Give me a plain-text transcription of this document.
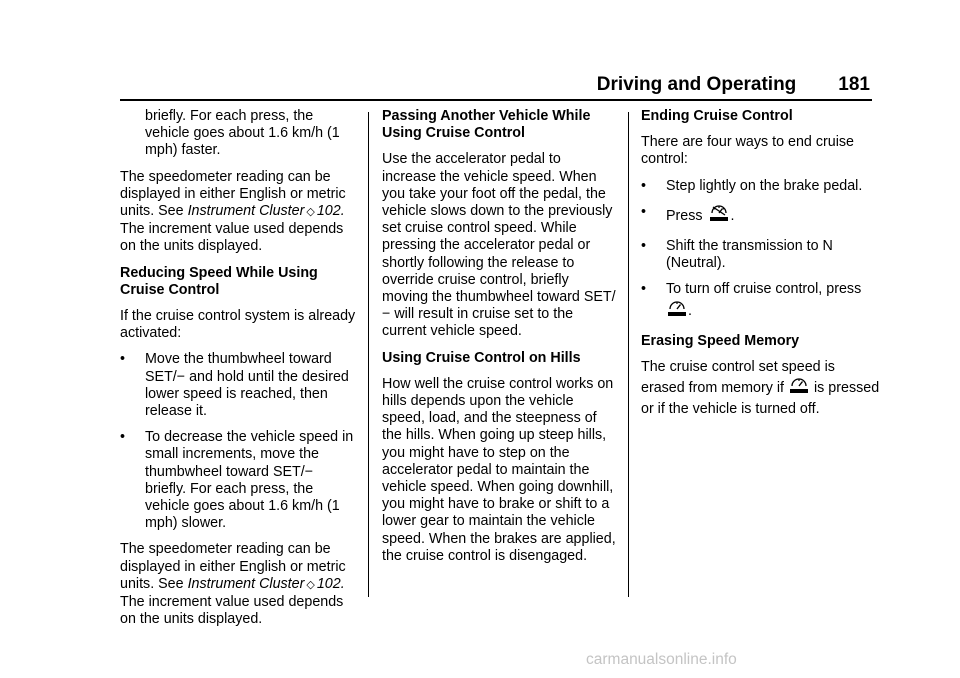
Driving and Operating 181

briefly. For each press, the vehicle goes about 1.6 km/h (1 mph) faster.

The speedometer reading can be displayed in either English or metric units. See Instrument Cluster ◇ 102. The increment value used depends on the units displayed.

Reducing Speed While Using Cruise Control

If the cruise control system is already activated:

•	Move the thumbwheel toward SET/− and hold until the desired lower speed is reached, then release it.
•	To decrease the vehicle speed in small increments, move the thumbwheel toward SET/− briefly. For each press, the vehicle goes about 1.6 km/h (1 mph) slower.

The speedometer reading can be displayed in either English or metric units. See Instrument Cluster ◇ 102. The increment value used depends on the units displayed.

Passing Another Vehicle While Using Cruise Control

Use the accelerator pedal to increase the vehicle speed. When you take your foot off the pedal, the vehicle slows down to the previously set cruise control speed. While pressing the accelerator pedal or shortly following the release to override cruise control, briefly moving the thumbwheel toward SET/− will result in cruise set to the current vehicle speed.

Using Cruise Control on Hills

How well the cruise control works on hills depends upon the vehicle speed, load, and the steepness of the hills. When going up steep hills, you might have to step on the accelerator pedal to maintain the vehicle speed. When going downhill, you might have to brake or shift to a lower gear to maintain the vehicle speed. When the brakes are applied, the cruise control is disengaged.

Ending Cruise Control

There are four ways to end cruise control:

•	Step lightly on the brake pedal.
•	Press .
•	Shift the transmission to N (Neutral).
•	To turn off cruise control, press .

Erasing Speed Memory

The cruise control set speed is erased from memory if is pressed or if the vehicle is turned off.

carmanualsonline.info
